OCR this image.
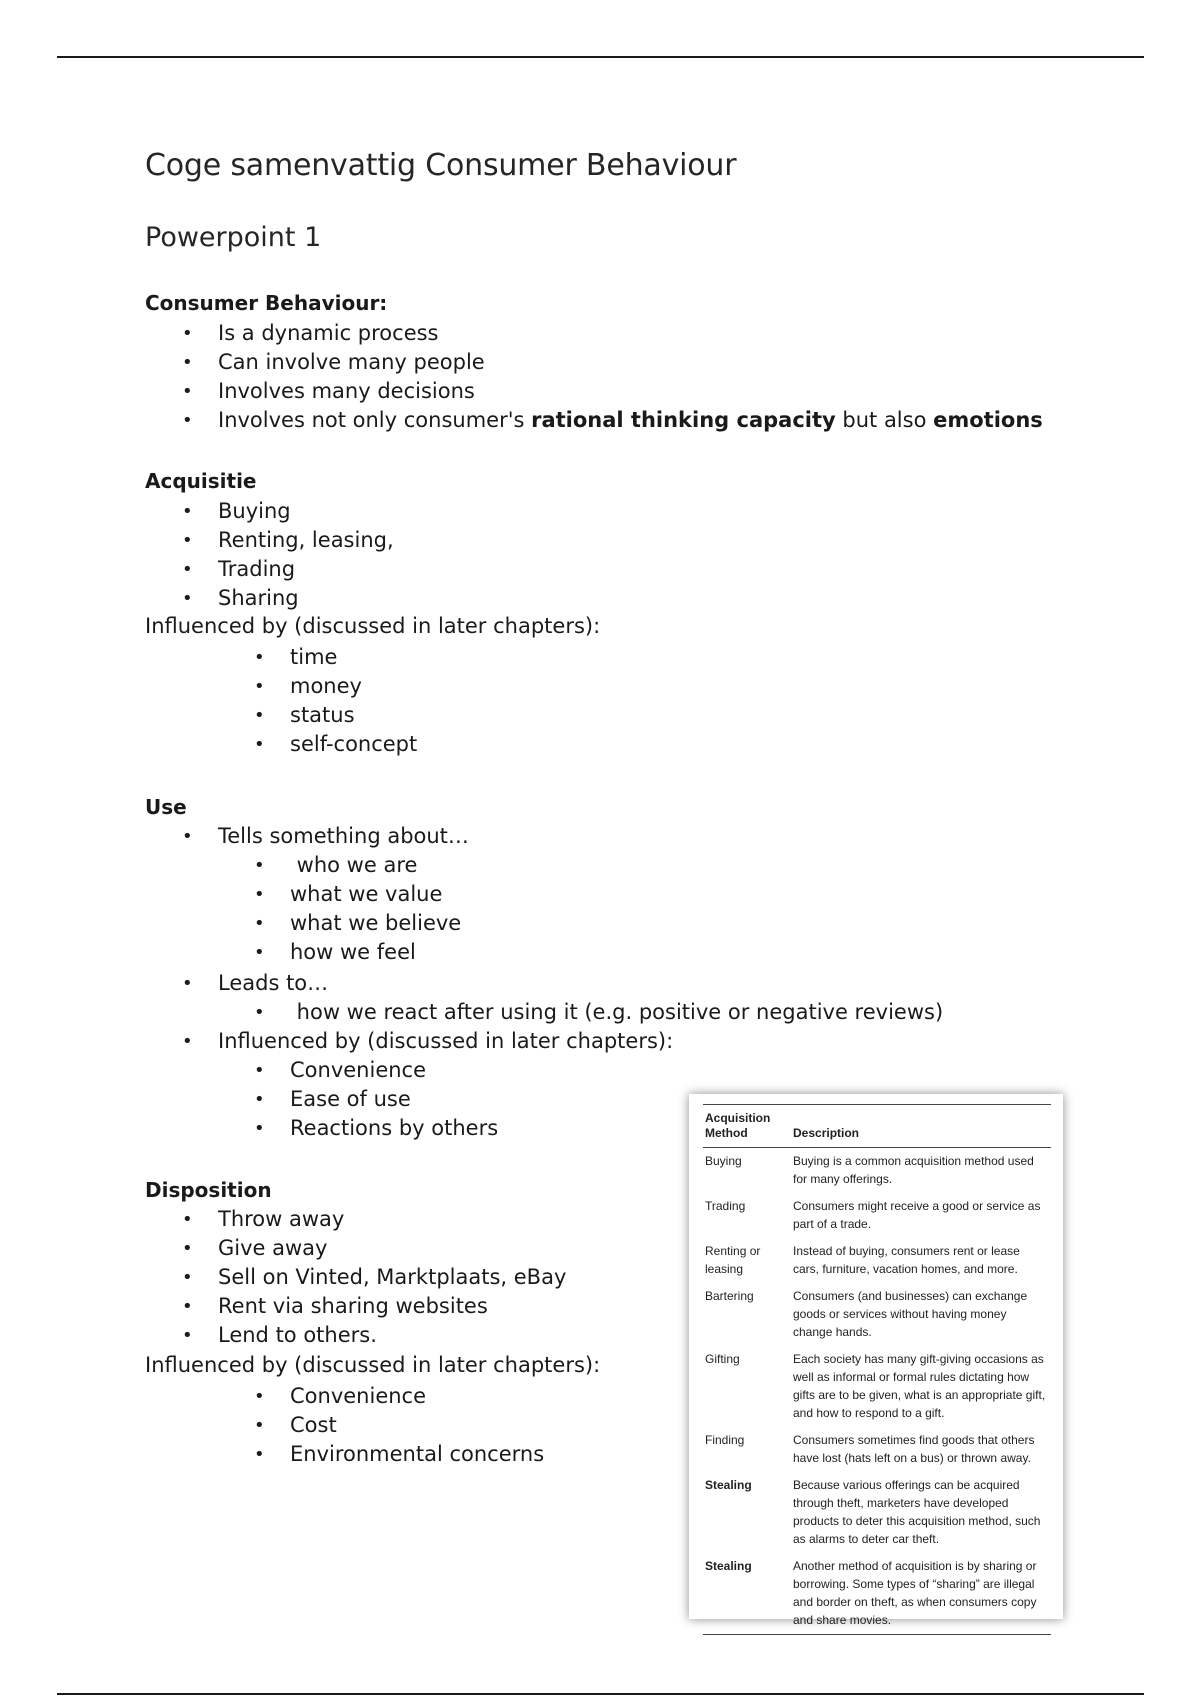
Coge samenvattig Consumer Behaviour
Powerpoint 1
Consumer Behaviour:
• Is a dynamic process
• Can involve many people
• Involves many decisions
• Involves not only consumer's rational thinking capacity but also emotions
Acquisitie
• Buying
• Renting, leasing,
• Trading
• Sharing
Influenced by (discussed in later chapters):
• time
• money
• status
• self-concept
Use
• Tells something about…
•  who we are
• what we value
• what we believe
• how we feel
• Leads to…
•  how we react after using it (e.g. positive or negative reviews)
• Influenced by (discussed in later chapters):
• Convenience
• Ease of use
• Reactions by others
Disposition
• Throw away
• Give away
• Sell on Vinted, Marktplaats, eBay
• Rent via sharing websites
• Lend to others.
Influenced by (discussed in later chapters):
• Convenience
• Cost
• Environmental concerns
Acquisition Method	Description
Buying	Buying is a common acquisition method used for many offerings.
Trading	Consumers might receive a good or service as part of a trade.
Renting or leasing	Instead of buying, consumers rent or lease cars, furniture, vacation homes, and more.
Bartering	Consumers (and businesses) can exchange goods or services without having money change hands.
Gifting	Each society has many gift-giving occasions as well as informal or formal rules dictating how gifts are to be given, what is an appropriate gift, and how to respond to a gift.
Finding	Consumers sometimes find goods that others have lost (hats left on a bus) or thrown away.
Stealing	Because various offerings can be acquired through theft, marketers have developed products to deter this acquisition method, such as alarms to deter car theft.
Stealing	Another method of acquisition is by sharing or borrowing. Some types of “sharing” are illegal and border on theft, as when consumers copy and share movies.
